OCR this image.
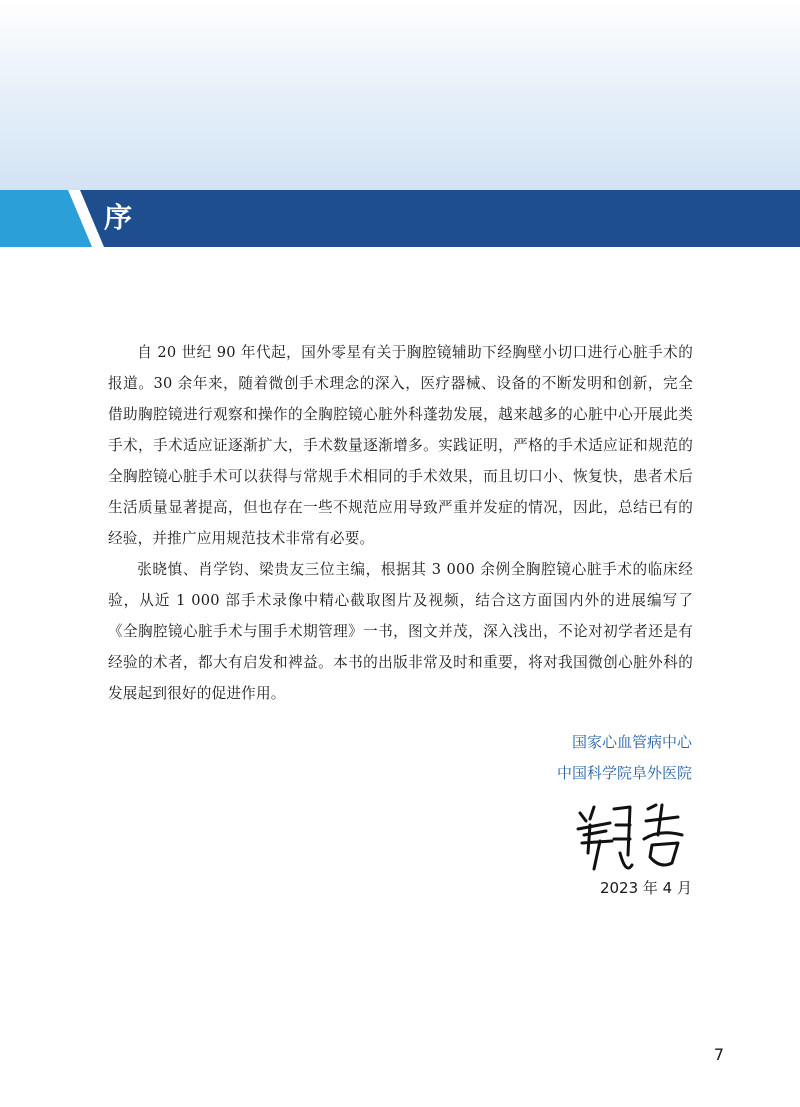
序

自 20 世纪 90 年代起，国外零星有关于胸腔镜辅助下经胸壁小切口进行心脏手术的报道。30 余年来，随着微创手术理念的深入，医疗器械、设备的不断发明和创新，完全借助胸腔镜进行观察和操作的全胸腔镜心脏外科蓬勃发展，越来越多的心脏中心开展此类手术，手术适应证逐渐扩大，手术数量逐渐增多。实践证明，严格的手术适应证和规范的全胸腔镜心脏手术可以获得与常规手术相同的手术效果，而且切口小、恢复快，患者术后生活质量显著提高，但也存在一些不规范应用导致严重并发症的情况，因此，总结已有的经验，并推广应用规范技术非常有必要。

张晓慎、肖学钧、梁贵友三位主编，根据其 3 000 余例全胸腔镜心脏手术的临床经验，从近 1 000 部手术录像中精心截取图片及视频，结合这方面国内外的进展编写了《全胸腔镜心脏手术与围手术期管理》一书，图文并茂，深入浅出，不论对初学者还是有经验的术者，都大有启发和裨益。本书的出版非常及时和重要，将对我国微创心脏外科的发展起到很好的促进作用。

国家心血管病中心
中国科学院阜外医院
2023 年 4 月
7
